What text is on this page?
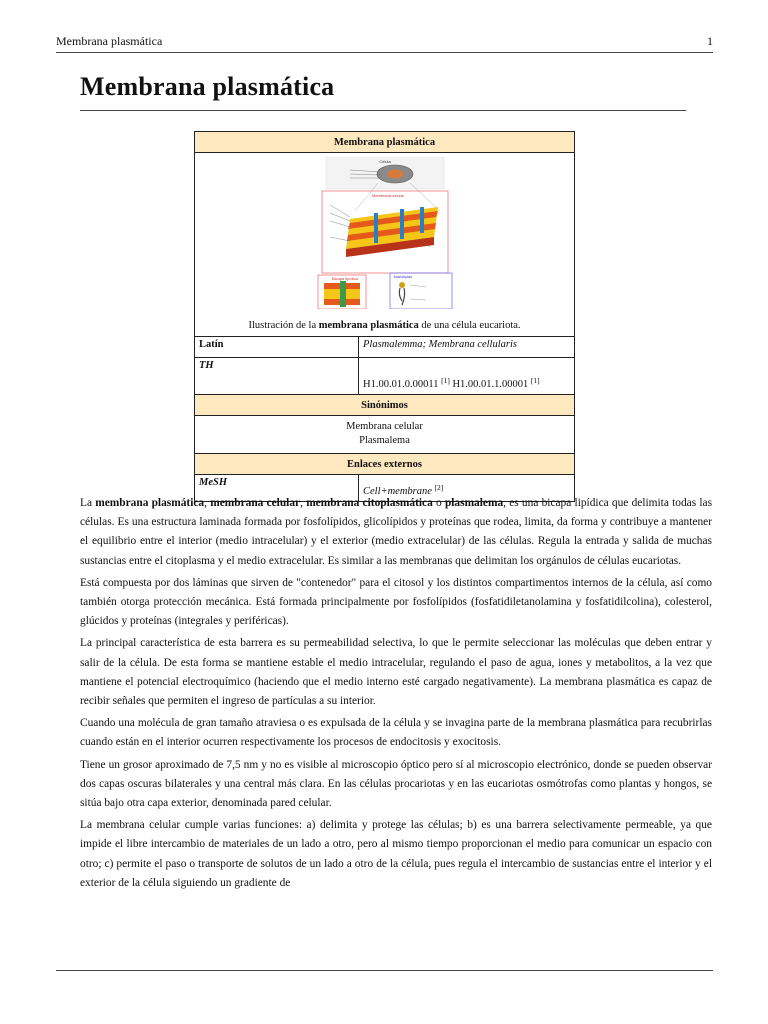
Membrana plasmática	1
Membrana plasmática
Membrana plasmática	

Célula
Membrana celular
Bicapa lipídica fosfolípido	

Ilustración de la membrana plasmática de una célula eucariota.	
Latín	Plasmalemma; Membrana cellularis
TH	H1.00.01.0.00011 [1] H1.00.01.1.00001 [1]
Sinónimos	

Membrana celular
Plasmalema	

Enlaces externos	
MeSH	Cell+membrane [2]

La membrana plasmática, membrana celular, membrana citoplasmática o plasmalema, es una bicapa lipídica que delimita todas las células. Es una estructura laminada formada por fosfolípidos, glicolípidos y proteínas que rodea, limita, da forma y contribuye a mantener el equilibrio entre el interior (medio intracelular) y el exterior (medio extracelular) de las células. Regula la entrada y salida de muchas sustancias entre el citoplasma y el medio extracelular. Es similar a las membranas que delimitan los orgánulos de células eucariotas.

Está compuesta por dos láminas que sirven de "contenedor" para el citosol y los distintos compartimentos internos de la célula, así como también otorga protección mecánica. Está formada principalmente por fosfolípidos (fosfatidiletanolamina y fosfatidilcolina), colesterol, glúcidos y proteínas (integrales y periféricas).

La principal característica de esta barrera es su permeabilidad selectiva, lo que le permite seleccionar las moléculas que deben entrar y salir de la célula. De esta forma se mantiene estable el medio intracelular, regulando el paso de agua, iones y metabolitos, a la vez que mantiene el potencial electroquímico (haciendo que el medio interno esté cargado negativamente). La membrana plasmática es capaz de recibir señales que permiten el ingreso de partículas a su interior.

Cuando una molécula de gran tamaño atraviesa o es expulsada de la célula y se invagina parte de la membrana plasmática para recubrirlas cuando están en el interior ocurren respectivamente los procesos de endocitosis y exocitosis.

Tiene un grosor aproximado de 7,5 nm y no es visible al microscopio óptico pero sí al microscopio electrónico, donde se pueden observar dos capas oscuras bilaterales y una central más clara. En las células procariotas y en las eucariotas osmótrofas como plantas y hongos, se sitúa bajo otra capa exterior, denominada pared celular.

La membrana celular cumple varias funciones: a) delimita y protege las células; b) es una barrera selectivamente permeable, ya que impide el libre intercambio de materiales de un lado a otro, pero al mismo tiempo proporcionan el medio para comunicar un espacio con otro; c) permite el paso o transporte de solutos de un lado a otro de la célula, pues regula el intercambio de sustancias entre el interior y el exterior de la célula siguiendo un gradiente de
